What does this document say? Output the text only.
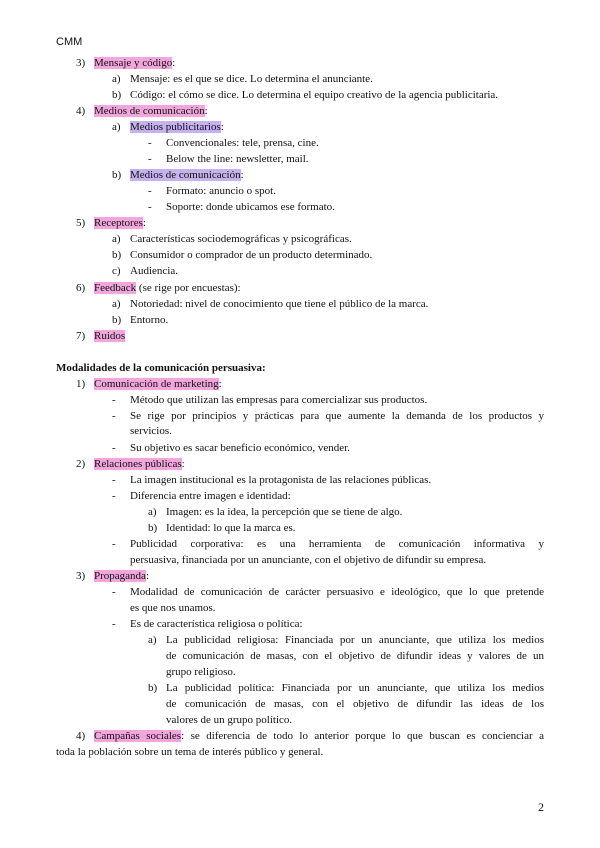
CMM
3) Mensaje y código:
a) Mensaje: es el que se dice. Lo determina el anunciante.
b) Código: el cómo se dice. Lo determina el equipo creativo de la agencia publicitaria.
4) Medios de comunicación:
a) Medios publicitarios:
- Convencionales: tele, prensa, cine.
- Below the line: newsletter, mail.
b) Medios de comunicación:
- Formato: anuncio o spot.
- Soporte: donde ubicamos ese formato.
5) Receptores:
a) Características sociodemográficas y psicográficas.
b) Consumidor o comprador de un producto determinado.
c) Audiencia.
6) Feedback (se rige por encuestas):
a) Notoriedad: nivel de conocimiento que tiene el público de la marca.
b) Entorno.
7) Ruidos
Modalidades de la comunicación persuasiva:
1) Comunicación de marketing:
- Método que utilizan las empresas para comercializar sus productos.
- Se rige por principios y prácticas para que aumente la demanda de los productos y
servicios.
- Su objetivo es sacar beneficio económico, vender.
2) Relaciones públicas:
- La imagen institucional es la protagonista de las relaciones públicas.
- Diferencia entre imagen e identidad:
a) Imagen: es la idea, la percepción que se tiene de algo.
b) Identidad: lo que la marca es.
- Publicidad corporativa: es una herramienta de comunicación informativa y
persuasiva, financiada por un anunciante, con el objetivo de difundir su empresa.
3) Propaganda:
- Modalidad de comunicación de carácter persuasivo e ideológico, que lo que pretende
es que nos unamos.
- Es de característica religiosa o política:
a) La publicidad religiosa: Financiada por un anunciante, que utiliza los medios
de comunicación de masas, con el objetivo de difundir ideas y valores de un
grupo religioso.
b) La publicidad política: Financiada por un anunciante, que utiliza los medios
de comunicación de masas, con el objetivo de difundir las ideas de los
valores de un grupo político.
4) Campañas sociales: se diferencia de todo lo anterior porque lo que buscan es concienciar a
toda la población sobre un tema de interés público y general.
2
